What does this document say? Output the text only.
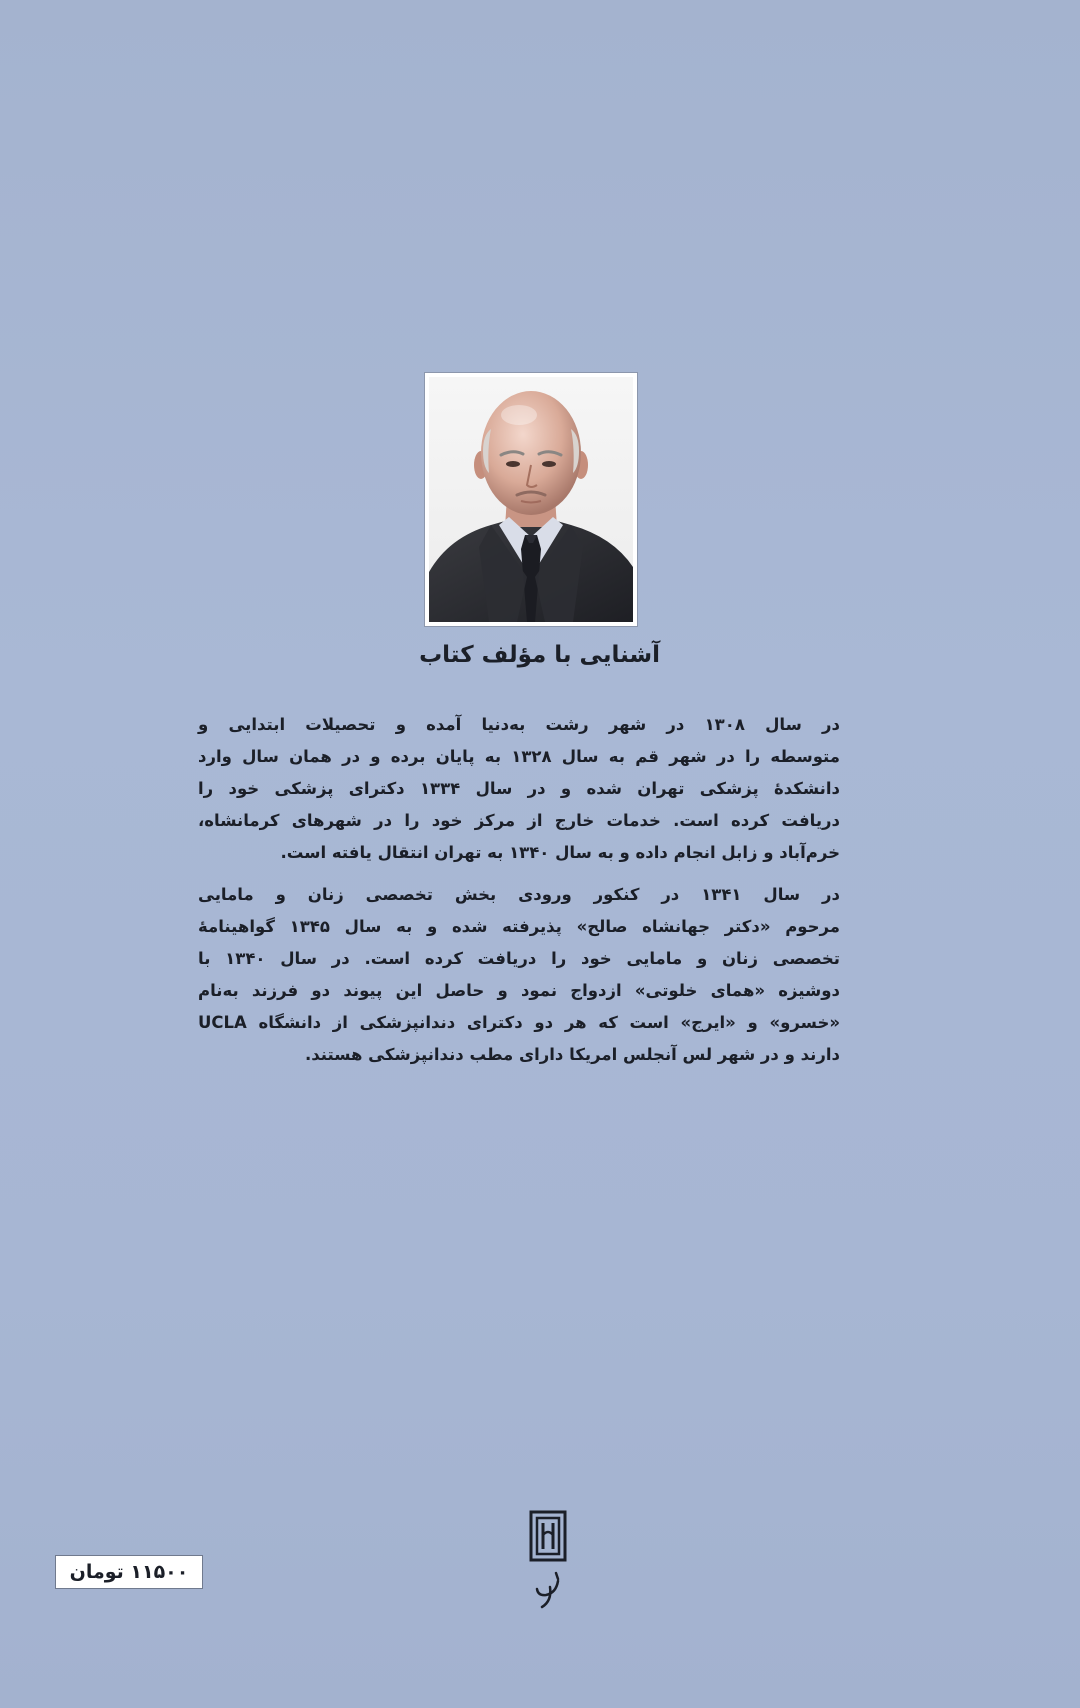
آشنایی با مؤلف کتاب
در سال ۱۳۰۸ در شهر رشت به‌دنیا آمده و تحصیلات ابتدایی و
متوسطه را در شهر قم به سال ۱۳۲۸ به پایان برده و در همان سال وارد
دانشکدهٔ پزشکی تهران شده و در سال ۱۳۳۴ دکترای پزشکی خود را
دریافت کرده است. خدمات خارج از مرکز خود را در شهرهای کرمانشاه،
خرم‌آباد و زابل انجام داده و به سال ۱۳۴۰ به تهران انتقال یافته است.
در سال ۱۳۴۱ در کنکور ورودی بخش تخصصی زنان و مامایی
مرحوم «دکتر جهانشاه صالح» پذیرفته شده و به سال ۱۳۴۵ گواهینامهٔ
تخصصی زنان و مامایی خود را دریافت کرده است. در سال ۱۳۴۰ با
دوشیزه «همای خلوتی» ازدواج نمود و حاصل این پیوند دو فرزند به‌نام
«خسرو» و «ایرج» است که هر دو دکترای دندانپزشکی از دانشگاه UCLA
دارند و در شهر لس آنجلس امریکا دارای مطب دندانپزشکی هستند.
۱۱۵۰۰ تومان
